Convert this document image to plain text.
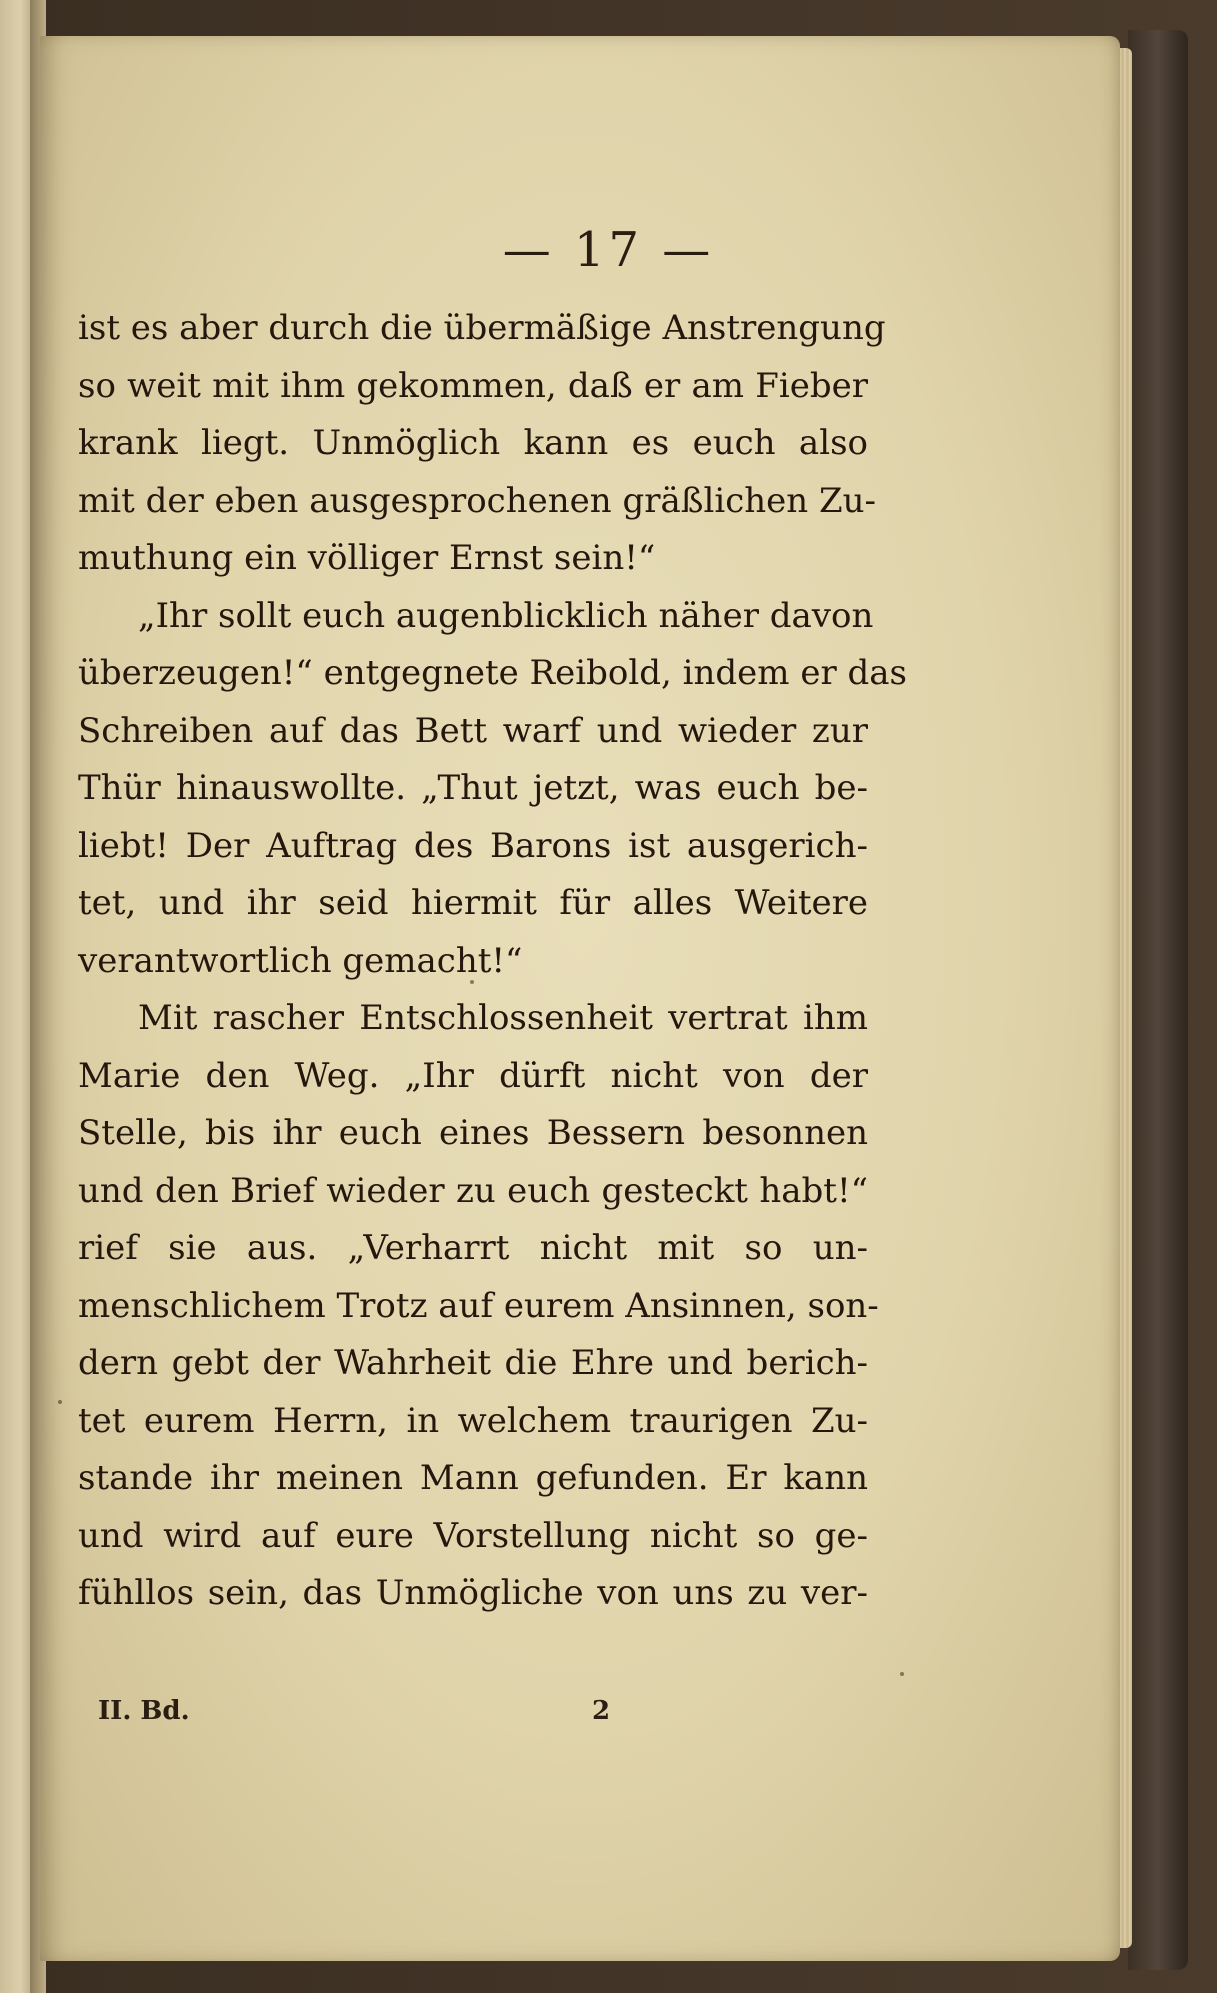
— 17 —
ist es aber durch die übermäßige Anstrengung
so weit mit ihm gekommen, daß er am Fieber
krank liegt. Unmöglich kann es euch also
mit der eben ausgesprochenen gräßlichen Zu-
muthung ein völliger Ernst sein!“
„Ihr sollt euch augenblicklich näher davon
überzeugen!“ entgegnete Reibold, indem er das
Schreiben auf das Bett warf und wieder zur
Thür hinauswollte. „Thut jetzt, was euch be-
liebt! Der Auftrag des Barons ist ausgerich-
tet, und ihr seid hiermit für alles Weitere
verantwortlich gemacht!“
Mit rascher Entschlossenheit vertrat ihm
Marie den Weg. „Ihr dürft nicht von der
Stelle, bis ihr euch eines Bessern besonnen
und den Brief wieder zu euch gesteckt habt!“
rief sie aus. „Verharrt nicht mit so un-
menschlichem Trotz auf eurem Ansinnen, son-
dern gebt der Wahrheit die Ehre und berich-
tet eurem Herrn, in welchem traurigen Zu-
stande ihr meinen Mann gefunden. Er kann
und wird auf eure Vorstellung nicht so ge-
fühllos sein, das Unmögliche von uns zu ver-
II. Bd.	2
